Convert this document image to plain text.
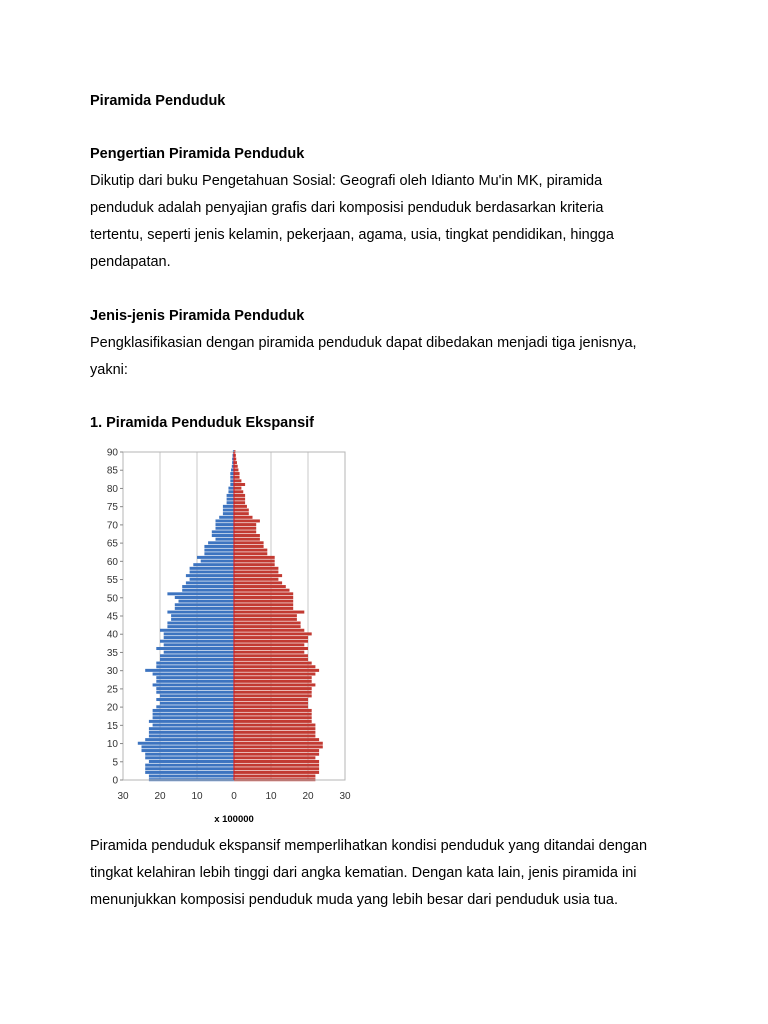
Piramida Penduduk
Pengertian Piramida Penduduk
Dikutip dari buku Pengetahuan Sosial: Geografi oleh Idianto Mu'in MK, piramida
penduduk adalah penyajian grafis dari komposisi penduduk berdasarkan kriteria
tertentu, seperti jenis kelamin, pekerjaan, agama, usia, tingkat pendidikan, hingga
pendapatan.
Jenis-jenis Piramida Penduduk
Pengklasifikasian dengan piramida penduduk dapat dibedakan menjadi tiga jenisnya,
yakni:
1. Piramida Penduduk Ekspansif
0
5
10
15
20
25
30
35
40
45
50
55
60
65
70
75
80
85
90
30	20	10	0	10	20	30
x 100000
Piramida penduduk ekspansif memperlihatkan kondisi penduduk yang ditandai dengan
tingkat kelahiran lebih tinggi dari angka kematian. Dengan kata lain, jenis piramida ini
menunjukkan komposisi penduduk muda yang lebih besar dari penduduk usia tua.
